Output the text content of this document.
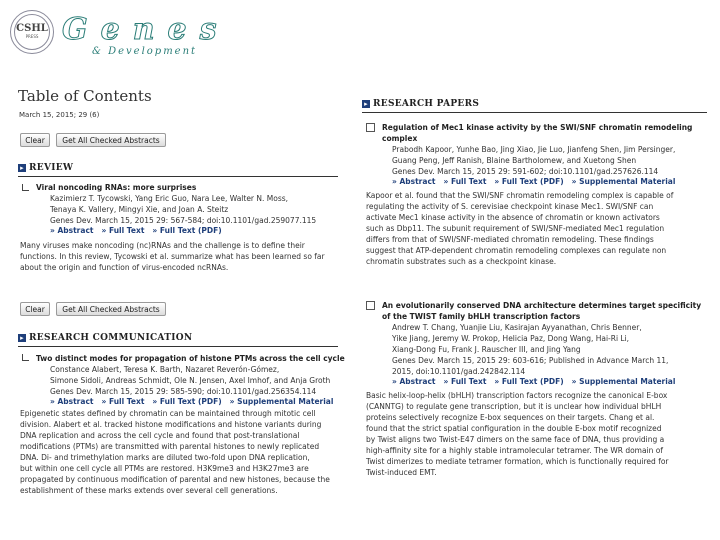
CSHL
PRESS Genes
& Development
Table of Contents
March 15, 2015; 29 (6)
Clear	Get All Checked Abstracts
▸ REVIEW
Viral noncoding RNAs: more surprises
Kazimierz T. Tycowski, Yang Eric Guo, Nara Lee, Walter N. Moss,
Tenaya K. Vallery, Mingyi Xie, and Joan A. Steitz
Genes Dev. March 15, 2015 29: 567-584; doi:10.1101/gad.259077.115
» Abstract » Full Text » Full Text (PDF)
Many viruses make noncoding (nc)RNAs and the challenge is to define their
functions. In this review, Tycowski et al. summarize what has been learned so far
about the origin and function of virus-encoded ncRNAs.
Clear	Get All Checked Abstracts
▸ RESEARCH COMMUNICATION
Two distinct modes for propagation of histone PTMs across the cell cycle
Constance Alabert, Teresa K. Barth, Nazaret Reverón-Gómez,
Simone Sidoli, Andreas Schmidt, Ole N. Jensen, Axel Imhof, and Anja Groth
Genes Dev. March 15, 2015 29: 585-590; doi:10.1101/gad.256354.114
» Abstract » Full Text » Full Text (PDF) » Supplemental Material
Epigenetic states defined by chromatin can be maintained through mitotic cell
division. Alabert et al. tracked histone modifications and histone variants during
DNA replication and across the cell cycle and found that post-translational
modifications (PTMs) are transmitted with parental histones to newly replicated
DNA. Di- and trimethylation marks are diluted two-fold upon DNA replication,
but within one cell cycle all PTMs are restored. H3K9me3 and H3K27me3 are
propagated by continuous modification of parental and new histones, because the
establishment of these marks extends over several cell generations.
▸ RESEARCH PAPERS
Regulation of Mec1 kinase activity by the SWI/SNF chromatin remodeling
complex
Prabodh Kapoor, Yunhe Bao, Jing Xiao, Jie Luo, Jianfeng Shen, Jim Persinger,
Guang Peng, Jeff Ranish, Blaine Bartholomew, and Xuetong Shen
Genes Dev. March 15, 2015 29: 591-602; doi:10.1101/gad.257626.114
» Abstract » Full Text » Full Text (PDF) » Supplemental Material
Kapoor et al. found that the SWI/SNF chromatin remodeling complex is capable of
regulating the activity of S. cerevisiae checkpoint kinase Mec1. SWI/SNF can
activate Mec1 kinase activity in the absence of chromatin or known activators
such as Dbp11. The subunit requirement of SWI/SNF-mediated Mec1 regulation
differs from that of SWI/SNF-mediated chromatin remodeling. These findings
suggest that ATP-dependent chromatin remodeling complexes can regulate non
chromatin substrates such as a checkpoint kinase.
An evolutionarily conserved DNA architecture determines target specificity
of the TWIST family bHLH transcription factors
Andrew T. Chang, Yuanjie Liu, Kasirajan Ayyanathan, Chris Benner,
Yike Jiang, Jeremy W. Prokop, Helicia Paz, Dong Wang, Hai-Ri Li,
Xiang-Dong Fu, Frank J. Rauscher III, and Jing Yang
Genes Dev. March 15, 2015 29: 603-616; Published in Advance March 11,
2015, doi:10.1101/gad.242842.114
» Abstract » Full Text » Full Text (PDF) » Supplemental Material
Basic helix-loop-helix (bHLH) transcription factors recognize the canonical E-box
(CANNTG) to regulate gene transcription, but it is unclear how individual bHLH
proteins selectively recognize E-box sequences on their targets. Chang et al.
found that the strict spatial configuration in the double E-box motif recognized
by Twist aligns two Twist-E47 dimers on the same face of DNA, thus providing a
high-affinity site for a highly stable intramolecular tetramer. The WR domain of
Twist dimerizes to mediate tetramer formation, which is functionally required for
Twist-induced EMT.
